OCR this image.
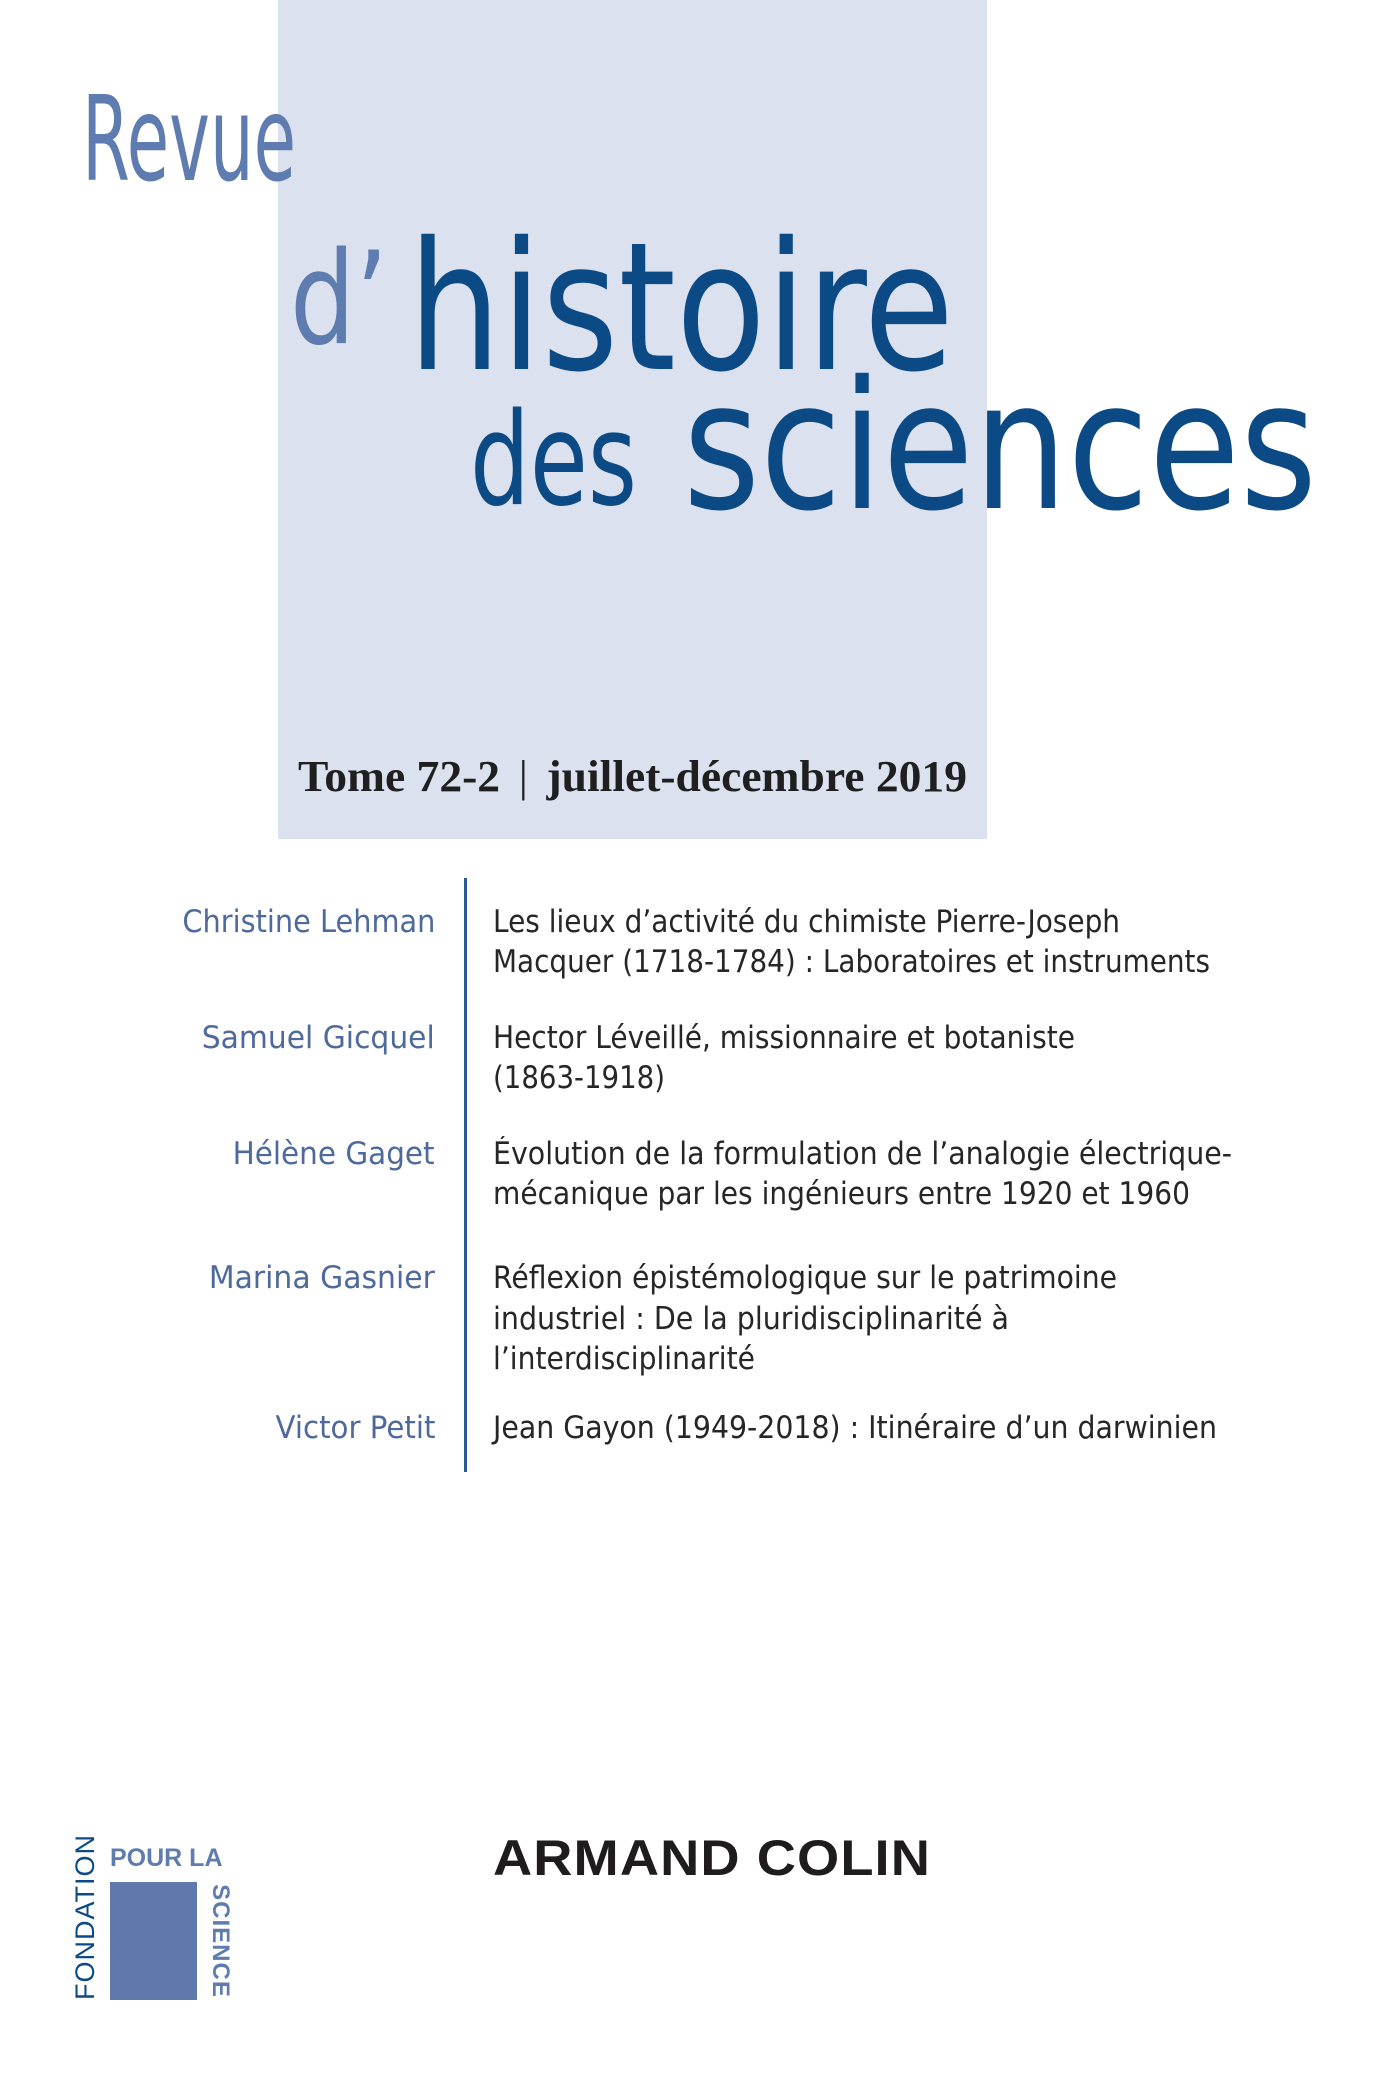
Revue
d’ histoire
des sciences
Tome 72-2 | juillet-décembre 2019
Christine Lehman Les lieux d’activité du chimiste Pierre-Joseph
Macquer (1718-1784) : Laboratoires et instruments
Samuel Gicquel Hector Léveillé, missionnaire et botaniste
(1863-1918)
Hélène Gaget Évolution de la formulation de l’analogie électrique-
mécanique par les ingénieurs entre 1920 et 1960
Marina Gasnier Réflexion épistémologique sur le patrimoine
industriel : De la pluridisciplinarité à
l’interdisciplinarité
Victor Petit Jean Gayon (1949-2018) : Itinéraire d’un darwinien
ARMAND COLIN
FONDATION POUR LA
SCIENCE
